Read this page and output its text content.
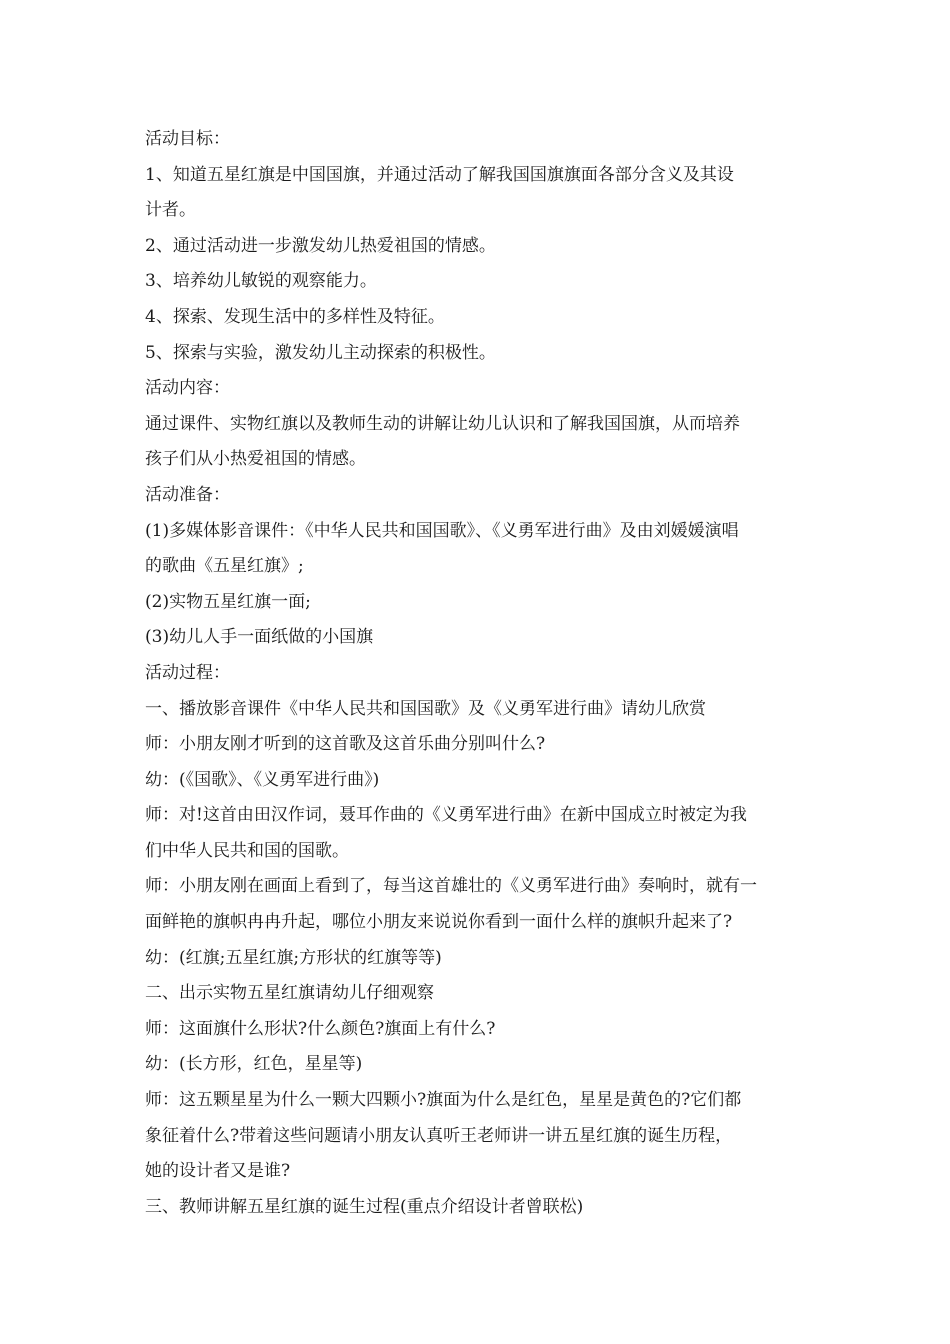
活动目标：
1、知道五星红旗是中国国旗，并通过活动了解我国国旗旗面各部分含义及其设
计者。
2、通过活动进一步激发幼儿热爱祖国的情感。
3、培养幼儿敏锐的观察能力。
4、探索、发现生活中的多样性及特征。
5、探索与实验，激发幼儿主动探索的积极性。
活动内容：
通过课件、实物红旗以及教师生动的讲解让幼儿认识和了解我国国旗，从而培养
孩子们从小热爱祖国的情感。
活动准备：
(1)多媒体影音课件：《中华人民共和国国歌》、《义勇军进行曲》及由刘媛媛演唱
的歌曲《五星红旗》;
(2)实物五星红旗一面;
(3)幼儿人手一面纸做的小国旗
活动过程：
一、播放影音课件《中华人民共和国国歌》及《义勇军进行曲》请幼儿欣赏
师：小朋友刚才听到的这首歌及这首乐曲分别叫什么?
幼：(《国歌》、《义勇军进行曲》)
师：对!这首由田汉作词，聂耳作曲的《义勇军进行曲》在新中国成立时被定为我
们中华人民共和国的国歌。
师：小朋友刚在画面上看到了，每当这首雄壮的《义勇军进行曲》奏响时，就有一
面鲜艳的旗帜冉冉升起，哪位小朋友来说说你看到一面什么样的旗帜升起来了?
幼：(红旗;五星红旗;方形状的红旗等等)
二、出示实物五星红旗请幼儿仔细观察
师：这面旗什么形状?什么颜色?旗面上有什么?
幼：(长方形，红色，星星等)
师：这五颗星星为什么一颗大四颗小?旗面为什么是红色，星星是黄色的?它们都
象征着什么?带着这些问题请小朋友认真听王老师讲一讲五星红旗的诞生历程，
她的设计者又是谁?
三、教师讲解五星红旗的诞生过程(重点介绍设计者曾联松)
